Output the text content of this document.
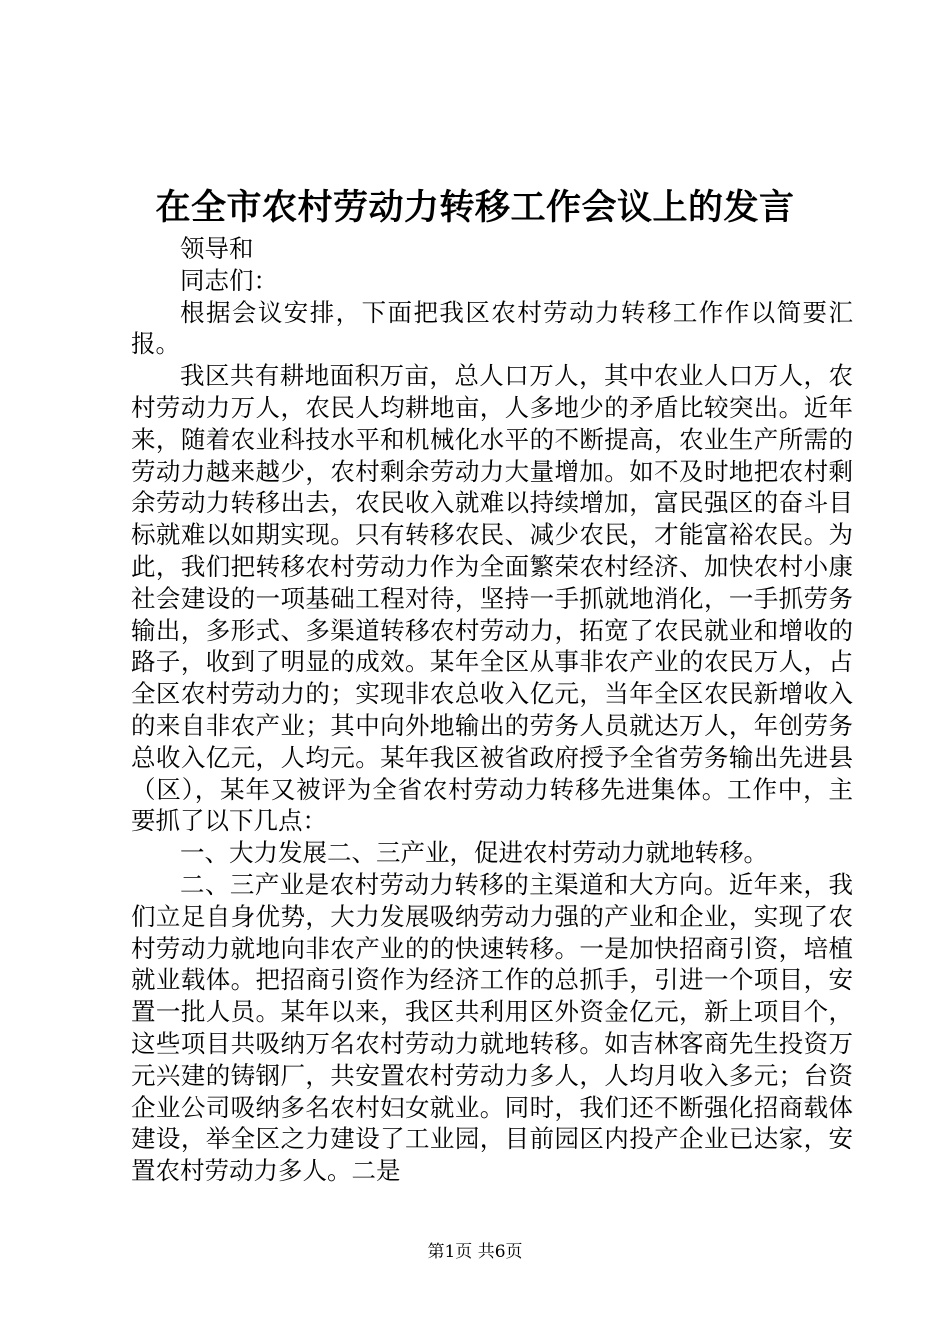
在全市农村劳动力转移工作会议上的发言

领导和

同志们：

根据会议安排，下面把我区农村劳动力转移工作作以简要汇报。

我区共有耕地面积万亩，总人口万人，其中农业人口万人，农村劳动力万人，农民人均耕地亩，人多地少的矛盾比较突出。近年来，随着农业科技水平和机械化水平的不断提高，农业生产所需的劳动力越来越少，农村剩余劳动力大量增加。如不及时地把农村剩余劳动力转移出去，农民收入就难以持续增加，富民强区的奋斗目标就难以如期实现。只有转移农民、减少农民，才能富裕农民。为此，我们把转移农村劳动力作为全面繁荣农村经济、加快农村小康社会建设的一项基础工程对待，坚持一手抓就地消化，一手抓劳务输出，多形式、多渠道转移农村劳动力，拓宽了农民就业和增收的路子，收到了明显的成效。某年全区从事非农产业的农民万人，占全区农村劳动力的；实现非农总收入亿元，当年全区农民新增收入的来自非农产业；其中向外地输出的劳务人员就达万人，年创劳务总收入亿元，人均元。某年我区被省政府授予全省劳务输出先进县（区），某年又被评为全省农村劳动力转移先进集体。工作中，主要抓了以下几点：

一、大力发展二、三产业，促进农村劳动力就地转移。

二、三产业是农村劳动力转移的主渠道和大方向。近年来，我们立足自身优势，大力发展吸纳劳动力强的产业和企业，实现了农村劳动力就地向非农产业的的快速转移。一是加快招商引资，培植就业载体。把招商引资作为经济工作的总抓手，引进一个项目，安置一批人员。某年以来，我区共利用区外资金亿元，新上项目个，这些项目共吸纳万名农村劳动力就地转移。如吉林客商先生投资万元兴建的铸钢厂，共安置农村劳动力多人，人均月收入多元；台资企业公司吸纳多名农村妇女就业。同时，我们还不断强化招商载体建设，举全区之力建设了工业园，目前园区内投产企业已达家，安置农村劳动力多人。二是

第1页 共6页
